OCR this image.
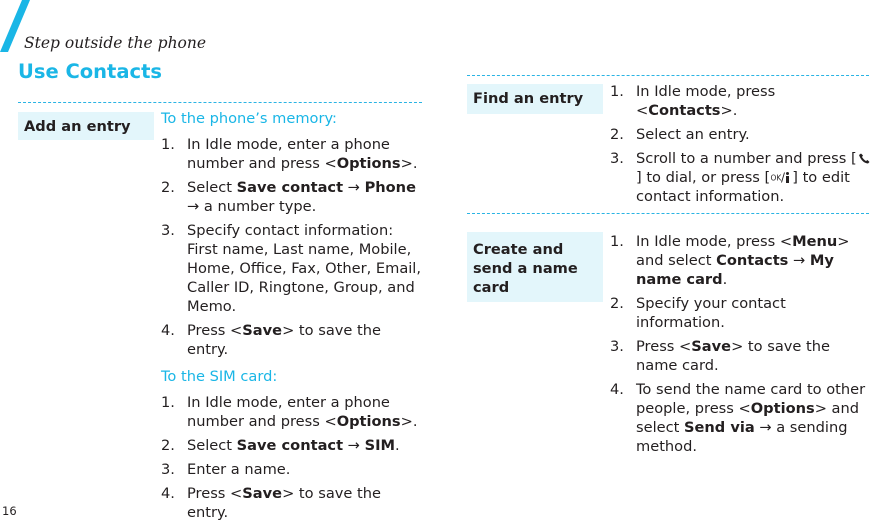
Step outside the phone
Use Contacts
16
Add an entry	To the phone’s memory:
1. In Idle mode, enter a phone number and press <Options>.
2. Select Save contact → Phone → a number type.
3. Specify contact information: First name, Last name, Mobile, Home, Office, Fax, Other, Email, Caller ID, Ringtone, Group, and Memo.
4. Press <Save> to save the entry.
To the SIM card:
1. In Idle mode, enter a phone number and press <Options>.
2. Select Save contact → SIM.
3. Enter a name.
4. Press <Save> to save the entry.
Find an entry	1. In Idle mode, press <Contacts>.
2. Select an entry.
3. Scroll to a number and press [] to dial, or press [ OK ] to edit contact information.
Create and send a name card
1. In Idle mode, press <Menu> and select Contacts → My name card.
2. Specify your contact information.
3. Press <Save> to save the name card.
4. To send the name card to other people, press <Options> and select Send via → a sending method.
